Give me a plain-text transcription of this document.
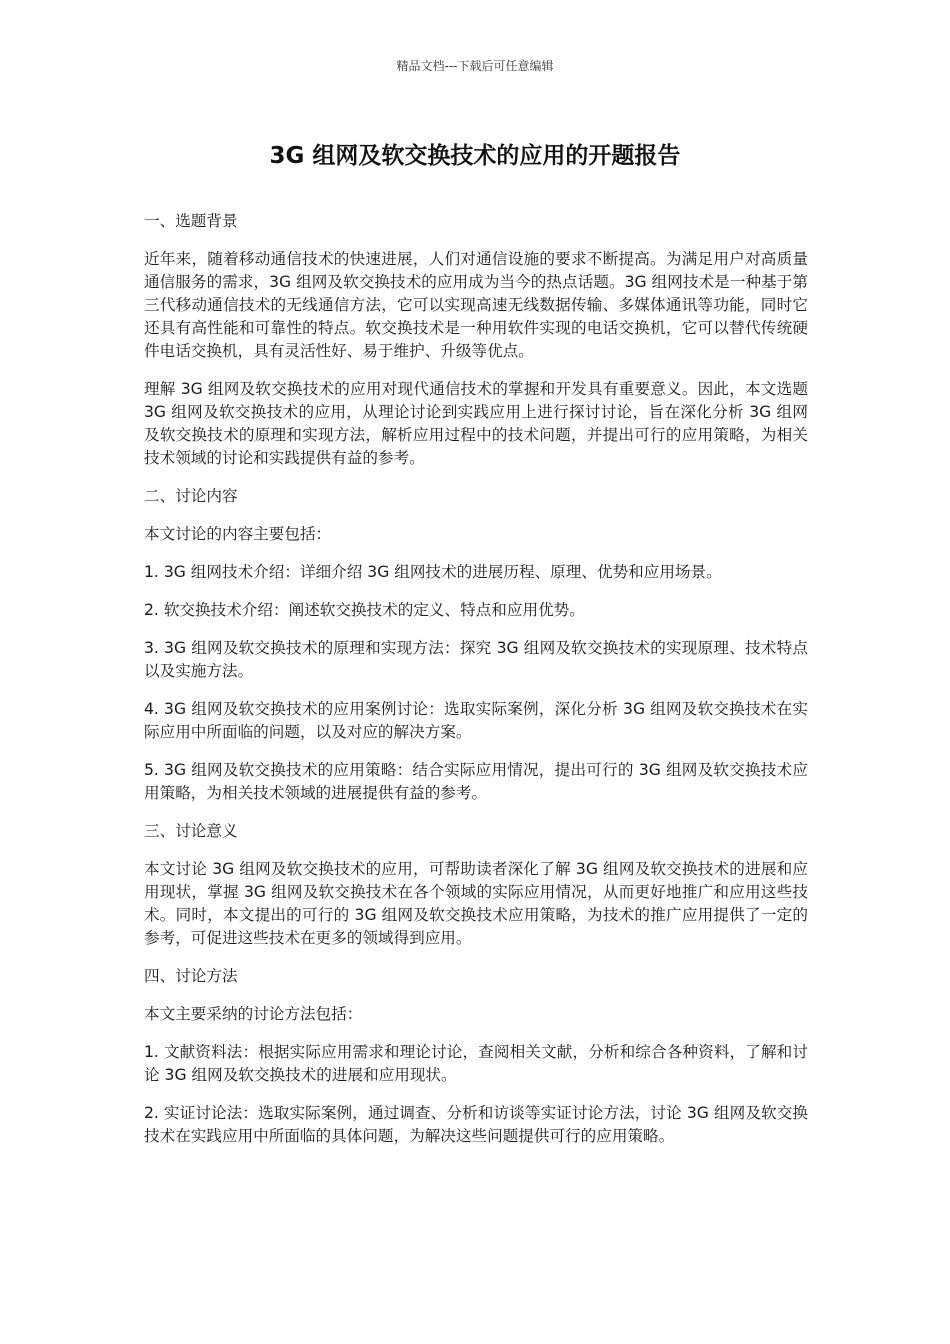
精品文档---下载后可任意编辑
3G 组网及软交换技术的应用的开题报告

一、选题背景

近年来，随着移动通信技术的快速进展，人们对通信设施的要求不断提高。为满足用户对高质量通信服务的需求，3G 组网及软交换技术的应用成为当今的热点话题。3G 组网技术是一种基于第三代移动通信技术的无线通信方法，它可以实现高速无线数据传输、多媒体通讯等功能，同时它还具有高性能和可靠性的特点。软交换技术是一种用软件实现的电话交换机，它可以替代传统硬件电话交换机，具有灵活性好、易于维护、升级等优点。

理解 3G 组网及软交换技术的应用对现代通信技术的掌握和开发具有重要意义。因此，本文选题 3G 组网及软交换技术的应用，从理论讨论到实践应用上进行探讨讨论，旨在深化分析 3G 组网及软交换技术的原理和实现方法，解析应用过程中的技术问题，并提出可行的应用策略，为相关技术领域的讨论和实践提供有益的参考。

二、讨论内容

本文讨论的内容主要包括：

1. 3G 组网技术介绍：详细介绍 3G 组网技术的进展历程、原理、优势和应用场景。

2. 软交换技术介绍：阐述软交换技术的定义、特点和应用优势。

3. 3G 组网及软交换技术的原理和实现方法：探究 3G 组网及软交换技术的实现原理、技术特点以及实施方法。

4. 3G 组网及软交换技术的应用案例讨论：选取实际案例，深化分析 3G 组网及软交换技术在实际应用中所面临的问题，以及对应的解决方案。

5. 3G 组网及软交换技术的应用策略：结合实际应用情况，提出可行的 3G 组网及软交换技术应用策略，为相关技术领域的进展提供有益的参考。

三、讨论意义

本文讨论 3G 组网及软交换技术的应用，可帮助读者深化了解 3G 组网及软交换技术的进展和应用现状，掌握 3G 组网及软交换技术在各个领域的实际应用情况，从而更好地推广和应用这些技术。同时，本文提出的可行的 3G 组网及软交换技术应用策略，为技术的推广应用提供了一定的参考，可促进这些技术在更多的领域得到应用。

四、讨论方法

本文主要采纳的讨论方法包括：

1. 文献资料法：根据实际应用需求和理论讨论，查阅相关文献，分析和综合各种资料，了解和讨论 3G 组网及软交换技术的进展和应用现状。

2. 实证讨论法：选取实际案例，通过调查、分析和访谈等实证讨论方法，讨论 3G 组网及软交换技术在实践应用中所面临的具体问题，为解决这些问题提供可行的应用策略。
